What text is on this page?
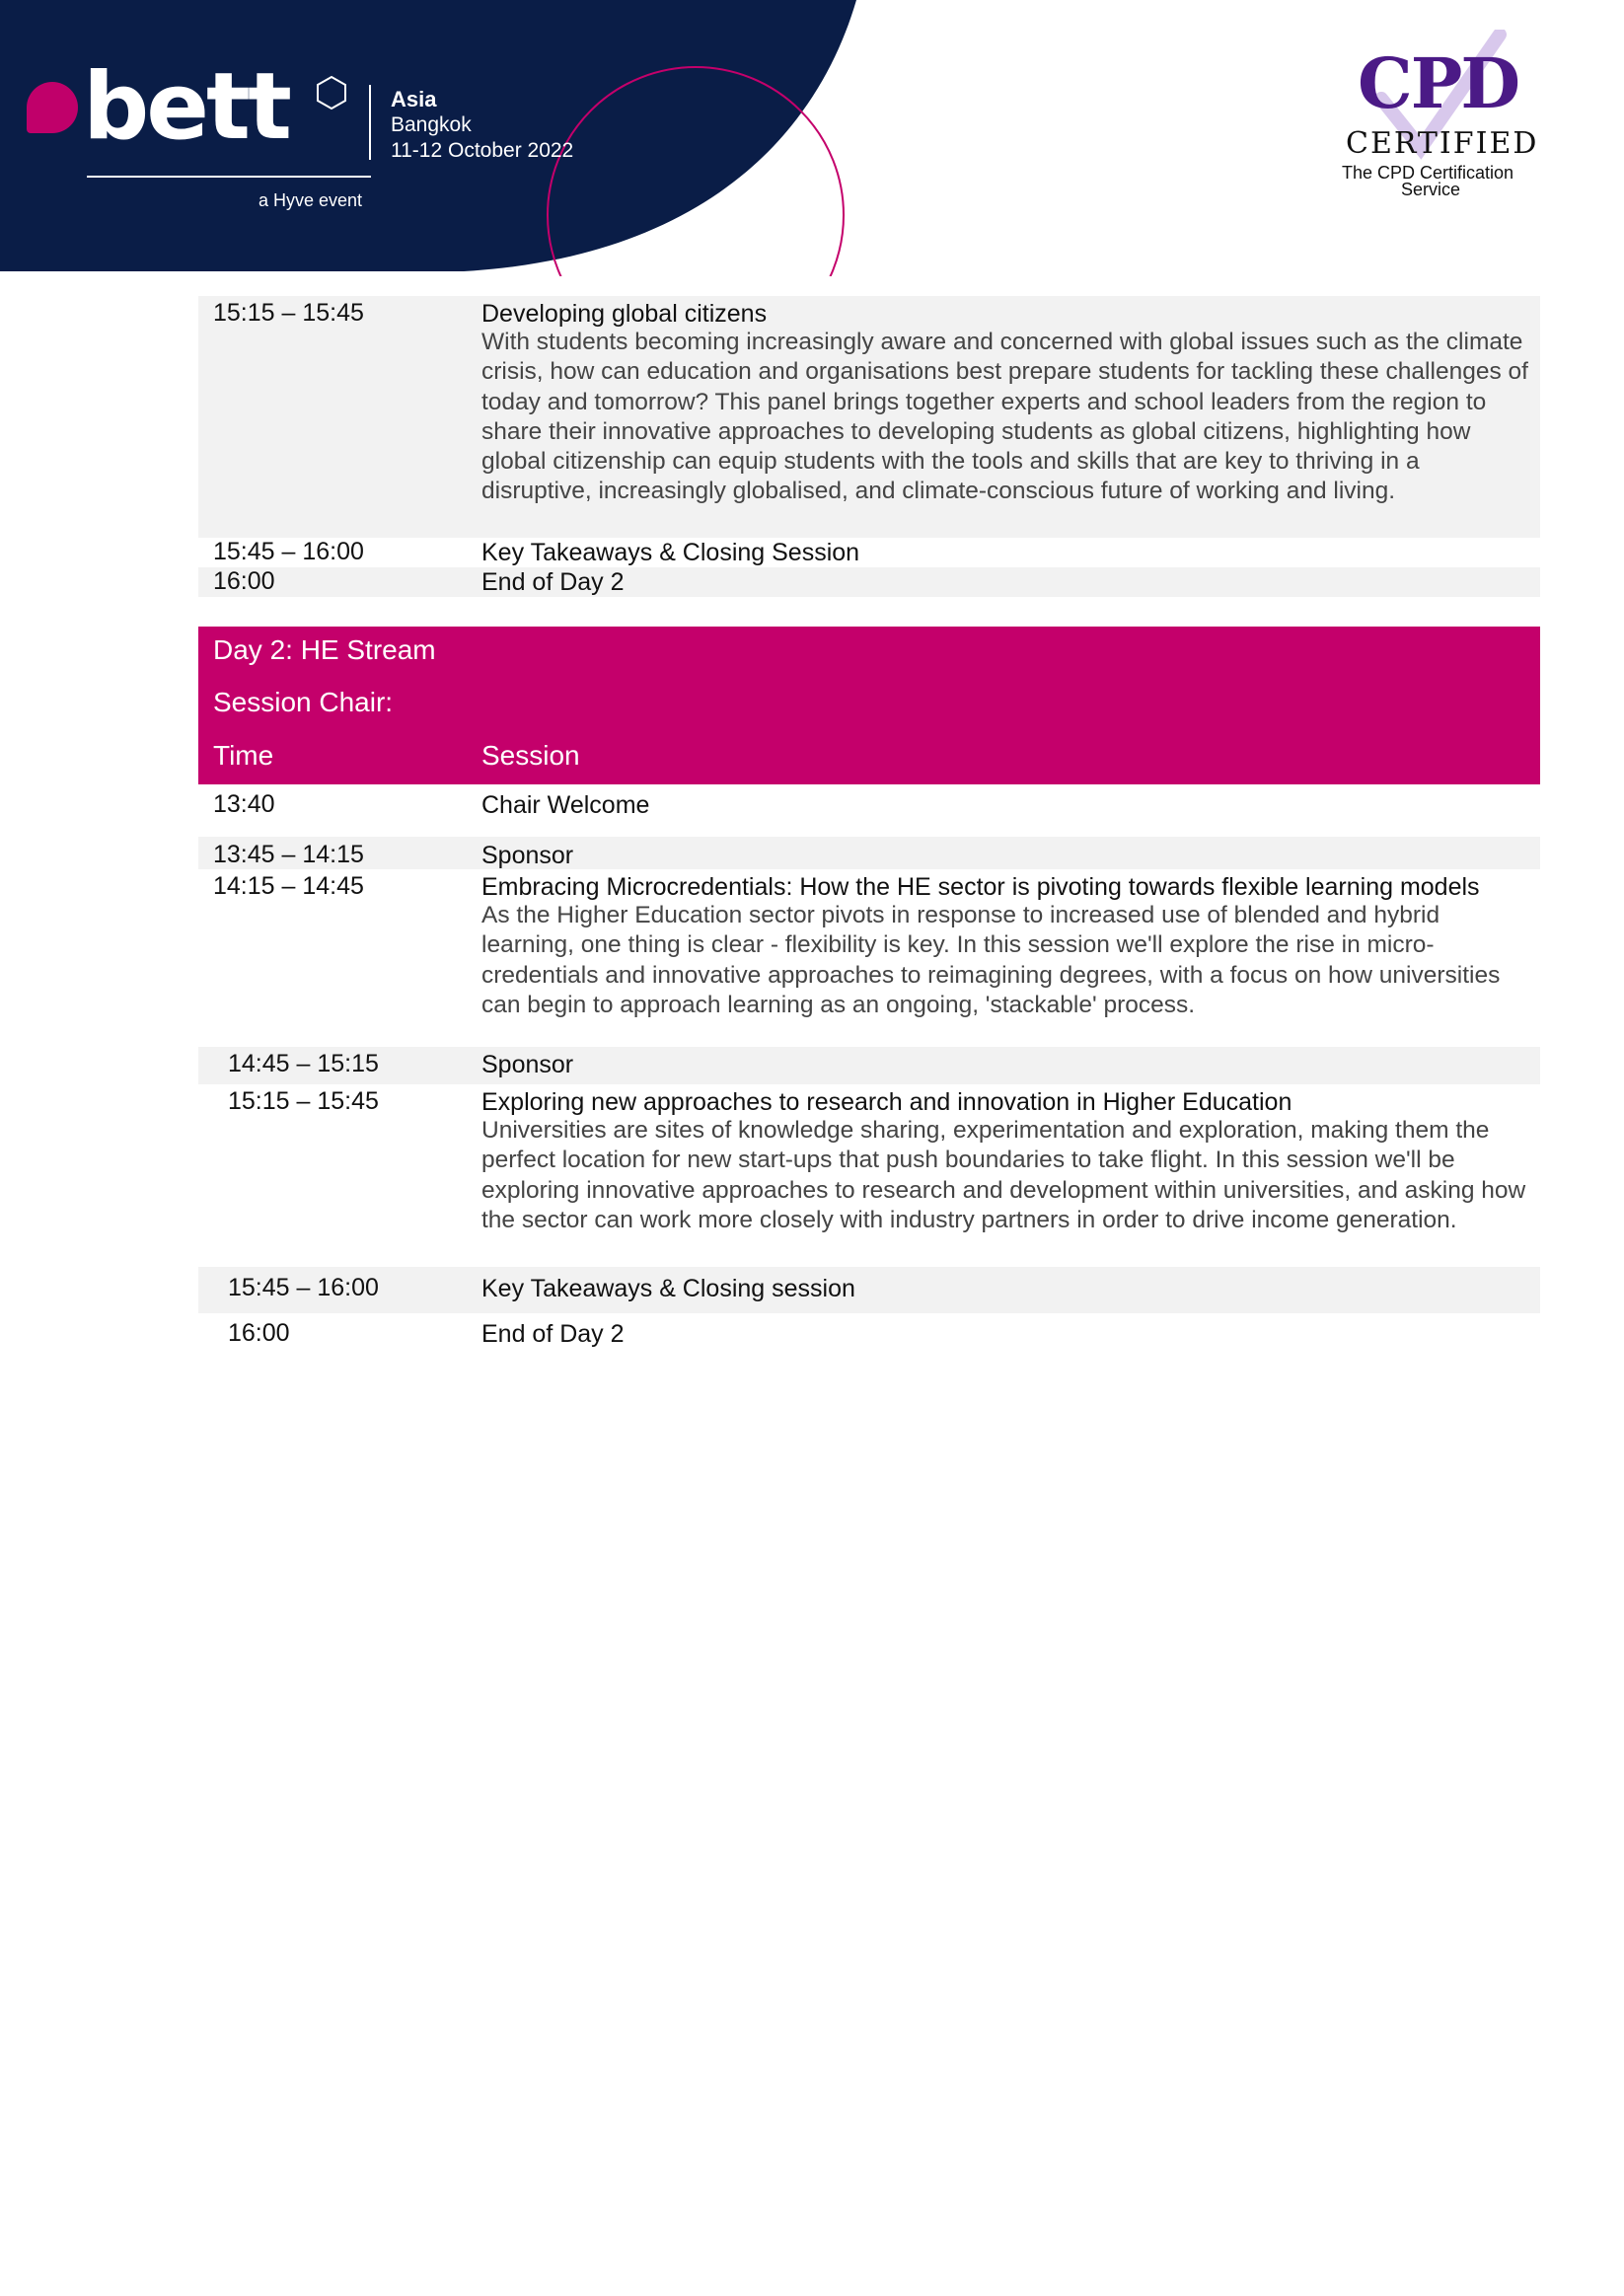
bett
a Hyve event
Asia
Bangkok
11-12 October 2022
CPD
CERTIFIED
The CPD Certification
Service
15:15 – 15:45	Developing global citizens
With students becoming increasingly aware and concerned with global issues such as the climate crisis, how can education and organisations best prepare students for tackling these challenges of today and tomorrow? This panel brings together experts and school leaders from the region to share their innovative approaches to developing students as global citizens, highlighting how global citizenship can equip students with the tools and skills that are key to thriving in a disruptive, increasingly globalised, and climate-conscious future of working and living.
15:45 – 16:00	Key Takeaways & Closing Session
16:00	End of Day 2
Day 2: HE Stream
Session Chair:
Time	Session
13:40	Chair Welcome
13:45 – 14:15	Sponsor
14:15 – 14:45	Embracing Microcredentials: How the HE sector is pivoting towards flexible learning models
As the Higher Education sector pivots in response to increased use of blended and hybrid learning, one thing is clear - flexibility is key. In this session we'll explore the rise in micro-credentials and innovative approaches to reimagining degrees, with a focus on how universities can begin to approach learning as an ongoing, 'stackable' process.
14:45 – 15:15	Sponsor
15:15 – 15:45	Exploring new approaches to research and innovation in Higher Education
Universities are sites of knowledge sharing, experimentation and exploration, making them the perfect location for new start-ups that push boundaries to take flight. In this session we'll be exploring innovative approaches to research and development within universities, and asking how the sector can work more closely with industry partners in order to drive income generation.
15:45 – 16:00	Key Takeaways & Closing session
16:00	End of Day 2
